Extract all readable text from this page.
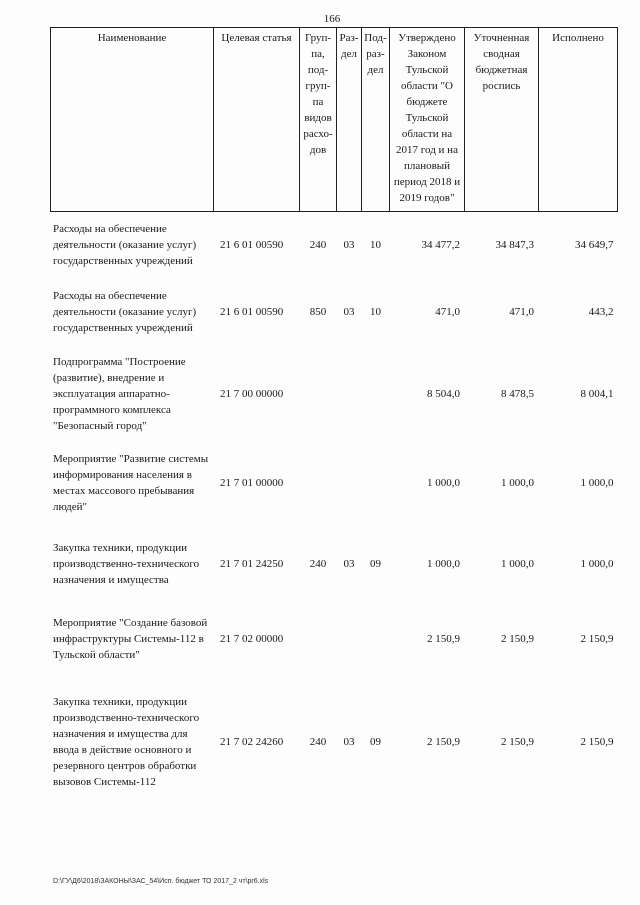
166
Наименование	Целевая статья	Груп-па, под-груп-па видов расхо-дов	Раз-дел	Под-раз-дел	Утверждено Законом Тульской области "О бюджете Тульской области на 2017 год и на плановый период 2018 и 2019 годов"	Уточненная сводная бюджетная роспись	Исполнено
Расходы на обеспечение деятельности (оказание услуг) государственных учреждений	21 6 01 00590	240	03	10	34 477,2	34 847,3	34 649,7
Расходы на обеспечение деятельности (оказание услуг) государственных учреждений	21 6 01 00590	850	03	10	471,0	471,0	443,2
Подпрограмма "Построение (развитие), внедрение и эксплуатация аппаратно-программного комплекса "Безопасный город"	21 7 00 00000				8 504,0	8 478,5	8 004,1
Мероприятие "Развитие системы информирования населения в местах массового пребывания людей"	21 7 01 00000				1 000,0	1 000,0	1 000,0
Закупка техники, продукции производственно-технического назначения и имущества	21 7 01 24250	240	03	09	1 000,0	1 000,0	1 000,0
Мероприятие "Создание базовой инфраструктуры Системы-112 в Тульской области"	21 7 02 00000				2 150,9	2 150,9	2 150,9
Закупка техники, продукции производственно-технического назначения и имущества для ввода в действие основного и резервного центров обработки вызовов Системы-112	21 7 02 24260	240	03	09	2 150,9	2 150,9	2 150,9
D:\ГУ\Д6\2018\ЗАКОНЫ\ЗАС_54\Исп. бюджет ТО 2017_2 чт\pr6.xls
